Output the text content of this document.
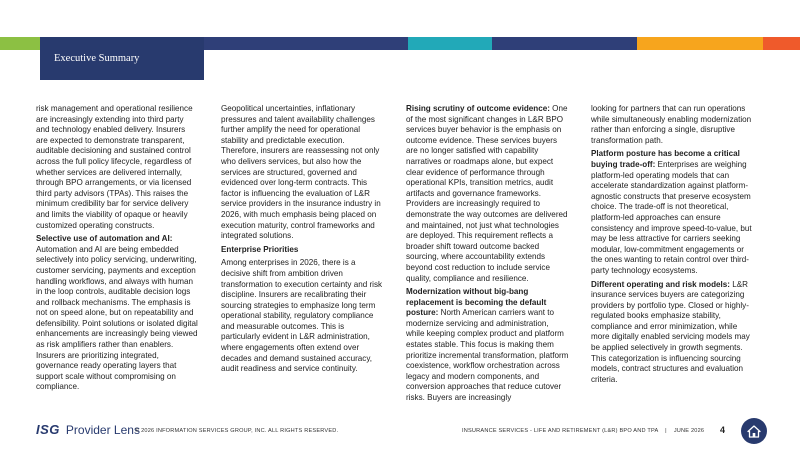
Executive Summary

risk management and operational resilience are increasingly extending into third party and technology enabled delivery. Insurers are expected to demonstrate transparent, auditable decisioning and sustained control across the full policy lifecycle, regardless of whether services are delivered internally, through BPO arrangements, or via licensed third party advisors (TPAs). This raises the minimum credibility bar for service delivery and limits the viability of opaque or heavily customized operating constructs.

Selective use of automation and AI:
Automation and AI are being embedded selectively into policy servicing, underwriting, customer servicing, payments and exception handling workflows, and always with human in the loop controls, auditable decision logs and rollback mechanisms. The emphasis is not on speed alone, but on repeatability and defensibility. Point solutions or isolated digital enhancements are increasingly being viewed as risk amplifiers rather than enablers. Insurers are prioritizing integrated, governance ready operating layers that support scale without compromising on compliance.

Geopolitical uncertainties, inflationary pressures and talent availability challenges further amplify the need for operational stability and predictable execution. Therefore, insurers are reassessing not only who delivers services, but also how the services are structured, governed and evidenced over long-term contracts. This factor is influencing the evaluation of L&R service providers in the insurance industry in 2026, with much emphasis being placed on execution maturity, control frameworks and integrated solutions.

Enterprise Priorities
Among enterprises in 2026, there is a decisive shift from ambition driven transformation to execution certainty and risk discipline. Insurers are recalibrating their sourcing strategies to emphasize long term operational stability, regulatory compliance and measurable outcomes. This is particularly evident in L&R administration, where engagements often extend over decades and demand sustained accuracy, audit readiness and service continuity.

Rising scrutiny of outcome evidence: One of the most significant changes in L&R BPO services buyer behavior is the emphasis on outcome evidence. These services buyers are no longer satisfied with capability narratives or roadmaps alone, but expect clear evidence of performance through operational KPIs, transition metrics, audit artifacts and governance frameworks. Providers are increasingly required to demonstrate the way outcomes are delivered and maintained, not just what technologies are deployed. This requirement reflects a broader shift toward outcome backed sourcing, where accountability extends beyond cost reduction to include service quality, compliance and resilience.

Modernization without big-bang replacement is becoming the default posture: North American carriers want to modernize servicing and administration, while keeping complex product and platform estates stable. This focus is making them prioritize incremental transformation, platform coexistence, workflow orchestration across legacy and modern components, and conversion approaches that reduce cutover risks. Buyers are increasingly

looking for partners that can run operations while simultaneously enabling modernization rather than enforcing a single, disruptive transformation path.

Platform posture has become a critical buying trade-off: Enterprises are weighing platform-led operating models that can accelerate standardization against platform-agnostic constructs that preserve ecosystem choice. The trade-off is not theoretical, platform-led approaches can ensure consistency and improve speed-to-value, but may be less attractive for carriers seeking modular, low-commitment engagements or the ones wanting to retain control over third-party technology ecosystems.

Different operating and risk models: L&R insurance services buyers are categorizing providers by portfolio type. Closed or highly-regulated books emphasize stability, compliance and error minimization, while more digitally enabled servicing models may be applied selectively in growth segments. This categorization is influencing sourcing models, contract structures and evaluation criteria.

ISG Provider Lens
© 2026 INFORMATION SERVICES GROUP, INC. ALL RIGHTS RESERVED.	INSURANCE SERVICES - LIFE AND RETIREMENT (L&R) BPO AND TPA    |    JUNE 2026 4
